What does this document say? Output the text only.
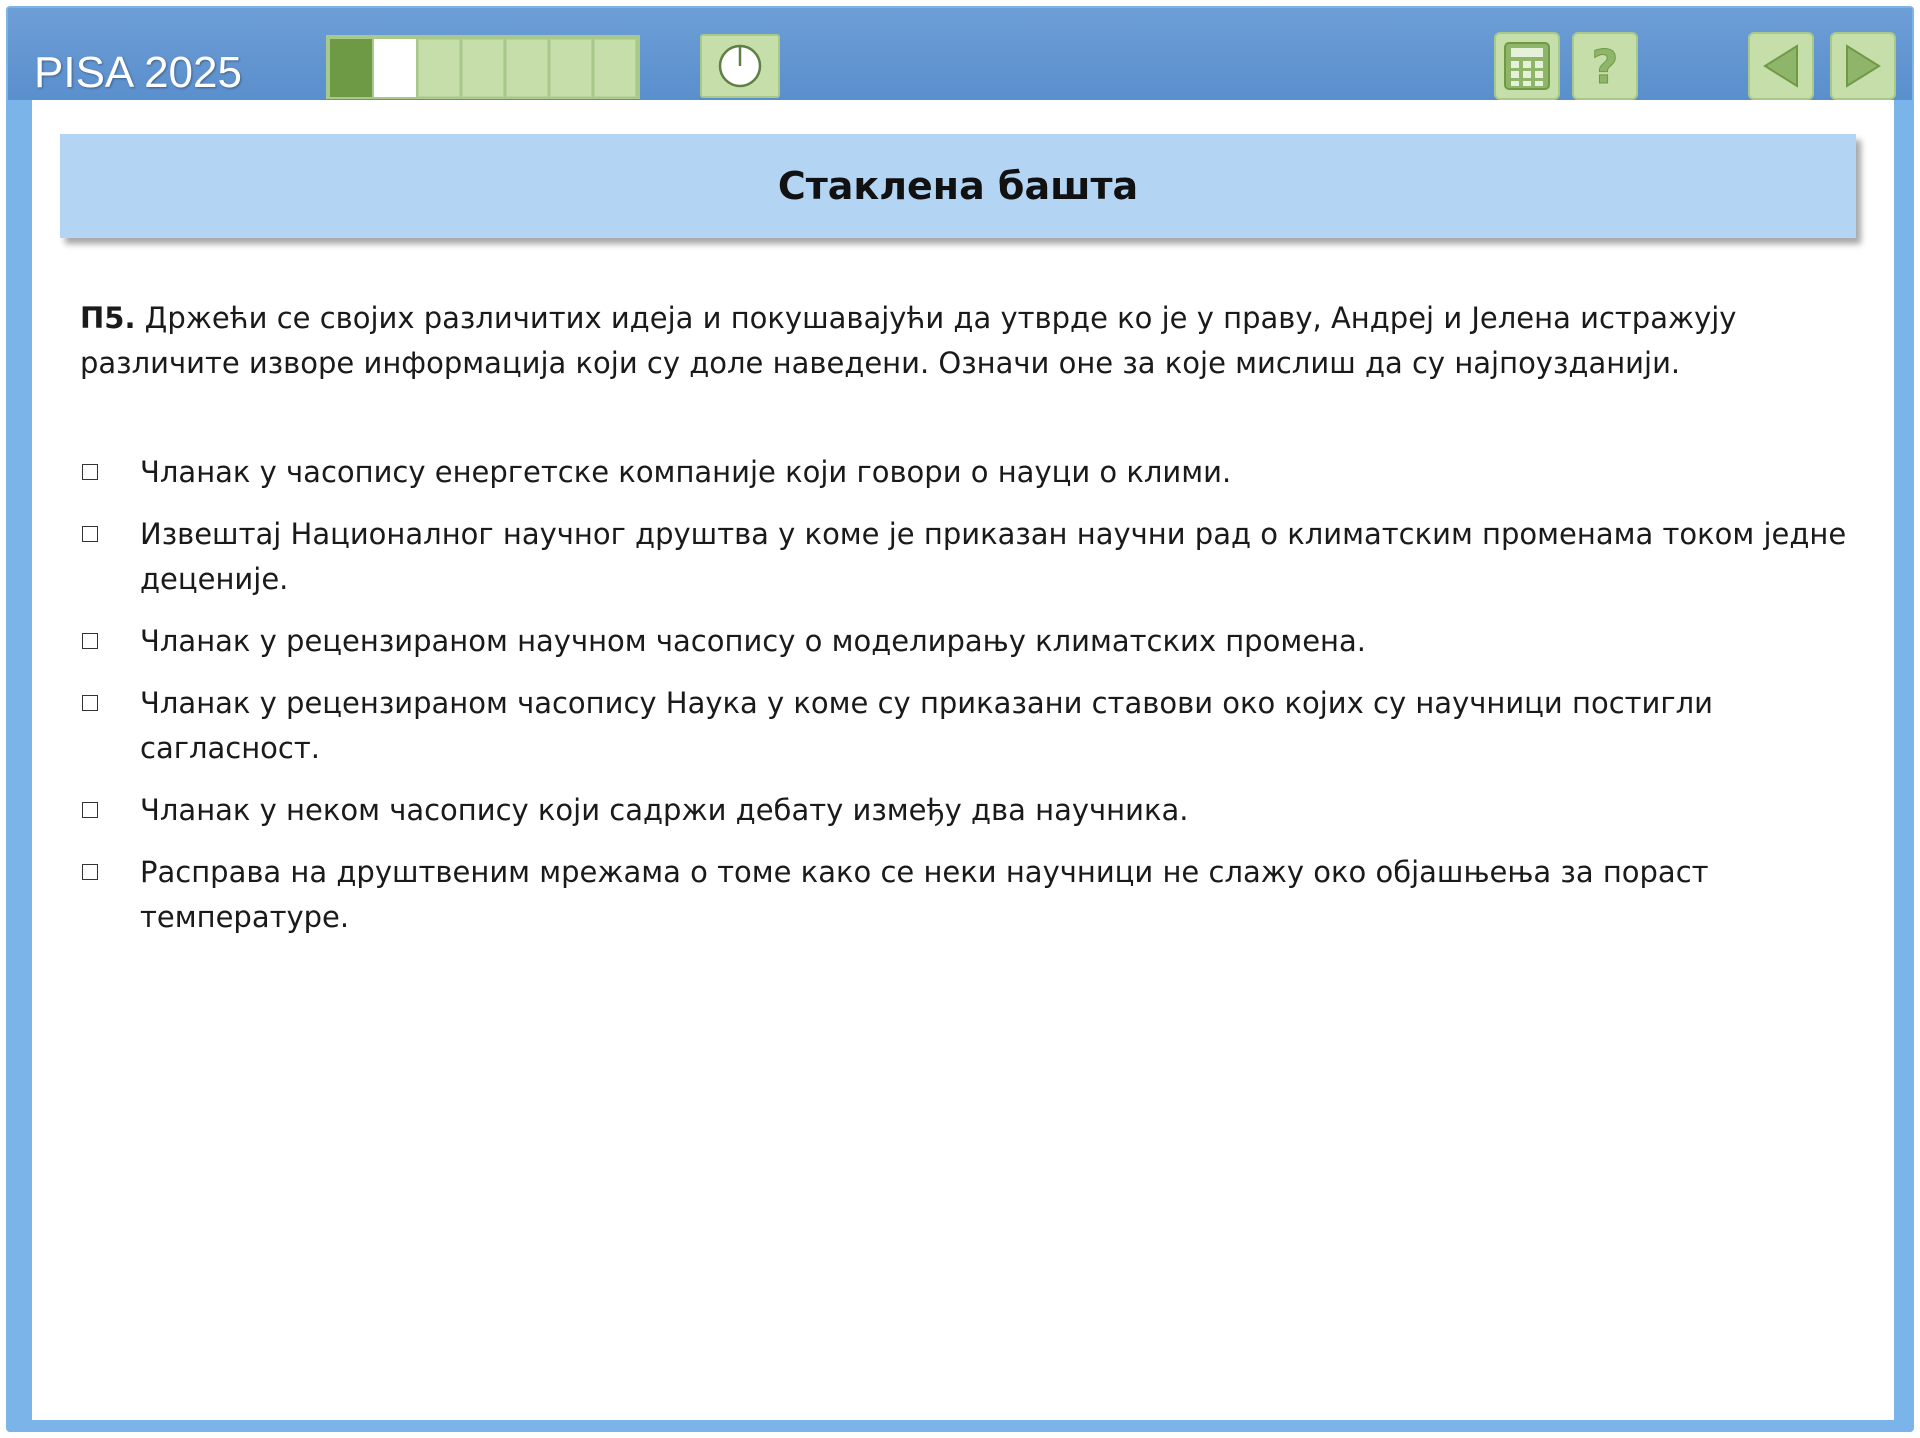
PISA 2025	?
Стаклена башта
П5. Држећи се својих различитих идеја и покушавајући да утврде ко је у праву, Андреј и Јелена истражују различите изворе информација који су доле наведени. Означи оне за које мислиш да су најпоузданији.
Чланак у часопису енергетске компаније који говори о науци о клими.
Извештај Националног научног друштва у коме је приказан научни рад о климатским променама током једне деценије.
Чланак у рецензираном научном часопису о моделирању климатских промена.
Чланак у рецензираном часопису Наука у коме су приказани ставови око којих су научници постигли сагласност.
Чланак у неком часопису који садржи дебату између два научника.
Расправа на друштвеним мрежама о томе како се неки научници не слажу око објашњења за пораст температуре.
